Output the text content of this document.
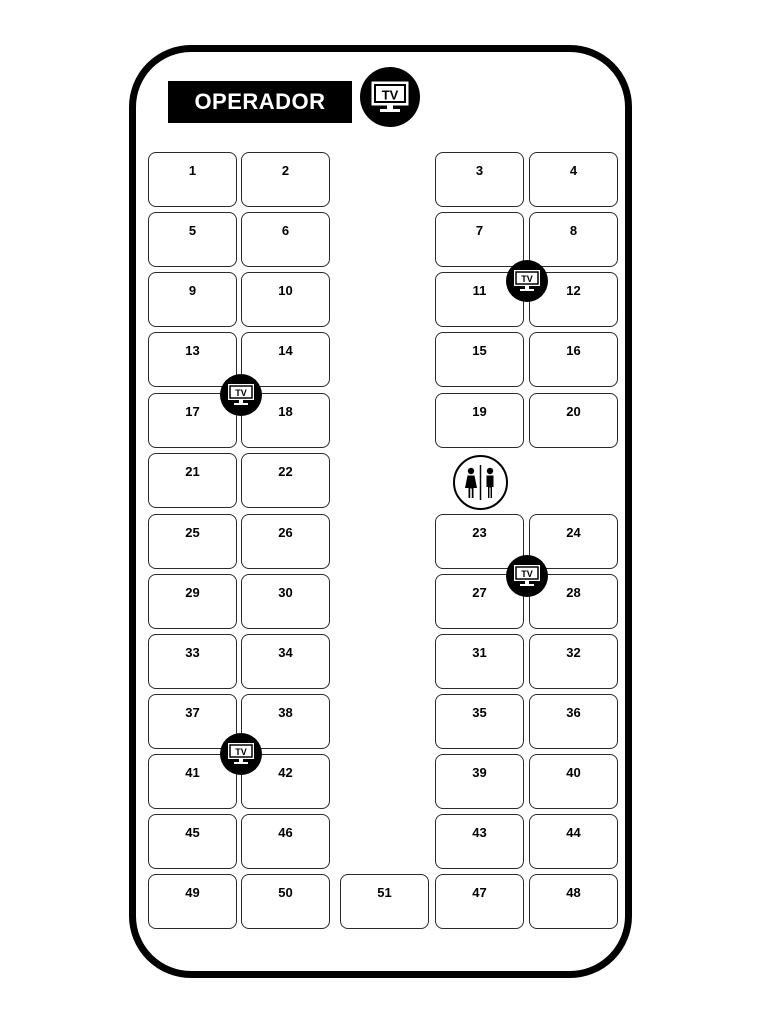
OPERADOR	TV
1	2	3	4
5	6	7	8
9	10	11	12
13	14	15	16
17	18	19	20
21	22
25	26	23	24
29	30	27	28
33	34	31	32
37	38	35	36
41	42	39	40
45	46	43	44
49	50	51	47	48
TV
TV
TV
TV
